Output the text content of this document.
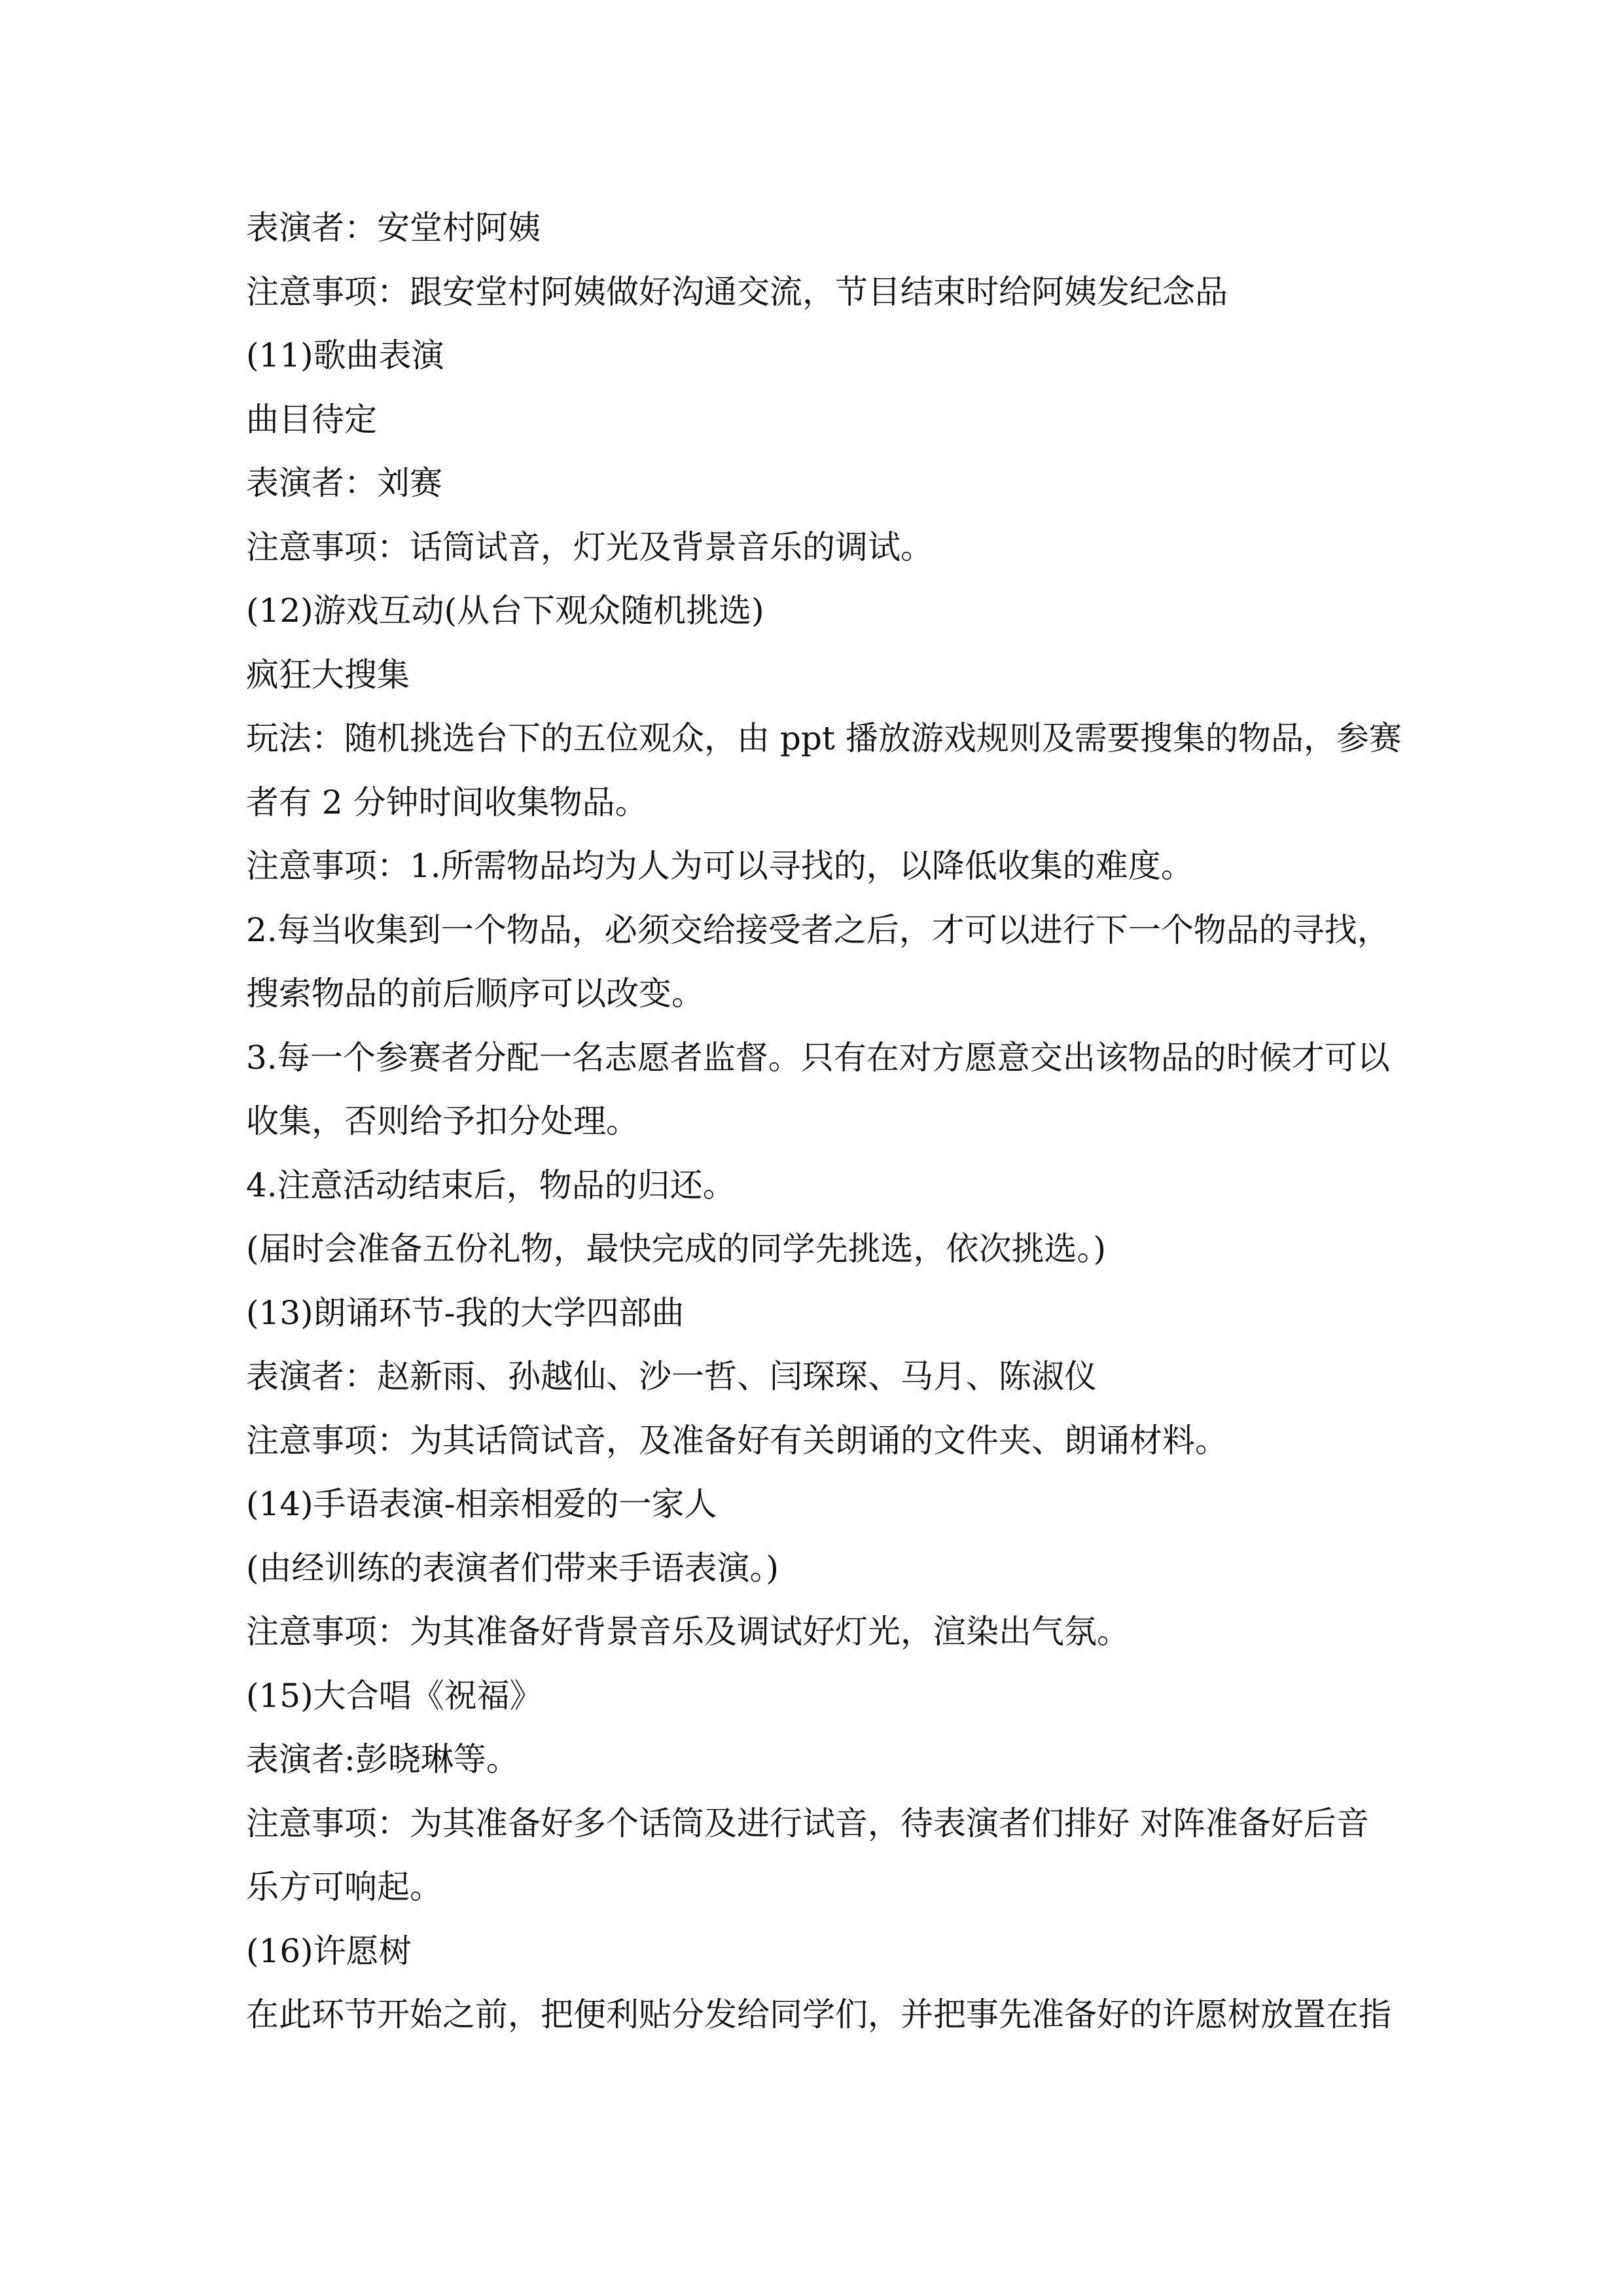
表演者：安堂村阿姨
注意事项：跟安堂村阿姨做好沟通交流，节目结束时给阿姨发纪念品
(11)歌曲表演
曲目待定
表演者：刘赛
注意事项：话筒试音，灯光及背景音乐的调试。
(12)游戏互动(从台下观众随机挑选)
疯狂大搜集
玩法：随机挑选台下的五位观众，由 ppt 播放游戏规则及需要搜集的物品，参赛
者有 2 分钟时间收集物品。
注意事项：1.所需物品均为人为可以寻找的，以降低收集的难度。
2.每当收集到一个物品，必须交给接受者之后，才可以进行下一个物品的寻找，
搜索物品的前后顺序可以改变。
3.每一个参赛者分配一名志愿者监督。只有在对方愿意交出该物品的时候才可以
收集，否则给予扣分处理。
4.注意活动结束后，物品的归还。
(届时会准备五份礼物，最快完成的同学先挑选，依次挑选。)
(13)朗诵环节-我的大学四部曲
表演者：赵新雨、孙越仙、沙一哲、闫琛琛、马月、陈淑仪
注意事项：为其话筒试音，及准备好有关朗诵的文件夹、朗诵材料。
(14)手语表演-相亲相爱的一家人
(由经训练的表演者们带来手语表演。)
注意事项：为其准备好背景音乐及调试好灯光，渲染出气氛。
(15)大合唱《祝福》
表演者:彭晓琳等。
注意事项：为其准备好多个话筒及进行试音，待表演者们排好 对阵准备好后音
乐方可响起。
(16)许愿树
在此环节开始之前，把便利贴分发给同学们，并把事先准备好的许愿树放置在指
